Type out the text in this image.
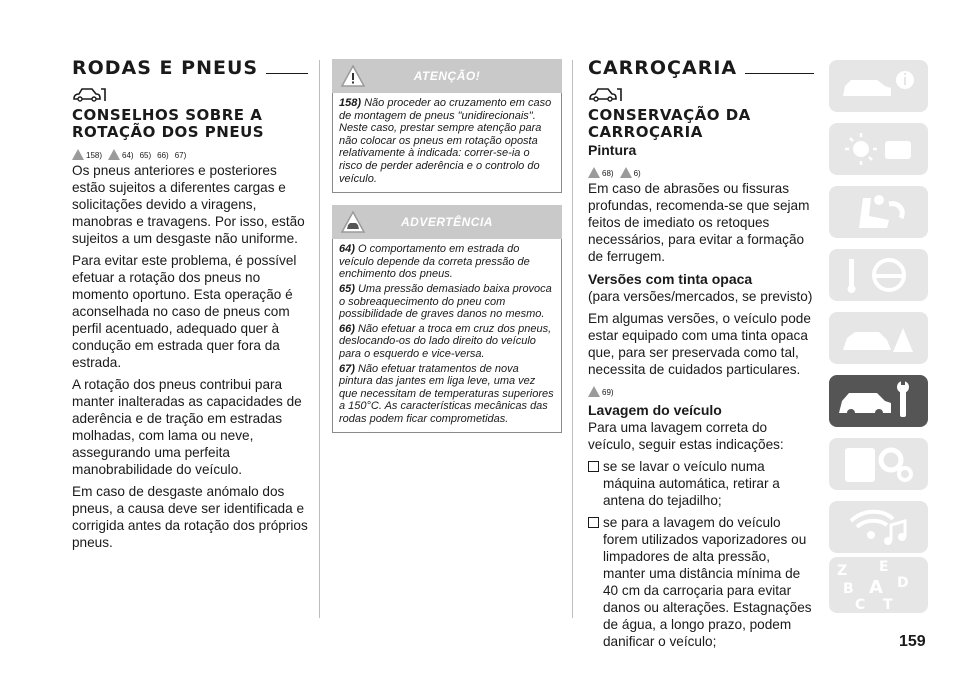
RODAS E PNEUS
CONSELHOS SOBRE A
ROTAÇÃO DOS PNEUS
158)	64) 65) 66) 67)

Os pneus anteriores e posteriores estão sujeitos a diferentes cargas e solicitações devido a viragens, manobras e travagens. Por isso, estão sujeitos a um desgaste não uniforme.

Para evitar este problema, é possível efetuar a rotação dos pneus no momento oportuno. Esta operação é aconselhada no caso de pneus com perfil acentuado, adequado quer à condução em estrada quer fora da estrada.

A rotação dos pneus contribui para manter inalteradas as capacidades de aderência e de tração em estradas molhadas, com lama ou neve, assegurando uma perfeita manobrabilidade do veículo.

Em caso de desgaste anómalo dos pneus, a causa deve ser identificada e corrigida antes da rotação dos próprios pneus.

ATENÇÃO!
158) Não proceder ao cruzamento em caso de montagem de pneus "unidirecionais". Neste caso, prestar sempre atenção para não colocar os pneus em rotação oposta relativamente à indicada: correr-se-ia o risco de perder aderência e o controlo do veículo.
ADVERTÊNCIA
64) O comportamento em estrada do veículo depende da correta pressão de enchimento dos pneus.
65) Uma pressão demasiado baixa provoca o sobreaquecimento do pneu com possibilidade de graves danos no mesmo.
66) Não efetuar a troca em cruz dos pneus, deslocando-os do lado direito do veículo para o esquerdo e vice-versa.
67) Não efetuar tratamentos de nova pintura das jantes em liga leve, uma vez que necessitam de temperaturas superiores a 150°C. As características mecânicas das rodas podem ficar comprometidas.
CARROÇARIA
CONSERVAÇÃO DA
CARROÇARIA
Pintura
68)	6)

Em caso de abrasões ou fissuras profundas, recomenda-se que sejam feitos de imediato os retoques necessários, para evitar a formação de ferrugem.

Versões com tinta opaca

(para versões/mercados, se previsto)

Em algumas versões, o veículo pode estar equipado com uma tinta opaca que, para ser preservada como tal, necessita de cuidados particulares.

69)
Lavagem do veículo

Para uma lavagem correta do veículo, seguir estas indicações:

se se lavar o veículo numa máquina automática, retirar a antena do tejadilho;

se para a lavagem do veículo forem utilizados vaporizadores ou limpadores de alta pressão, manter uma distância mínima de 40 cm da carroçaria para evitar danos ou alterações. Estagnações de água, a longo prazo, podem danificar o veículo;

Z E
B A D
C T
159
